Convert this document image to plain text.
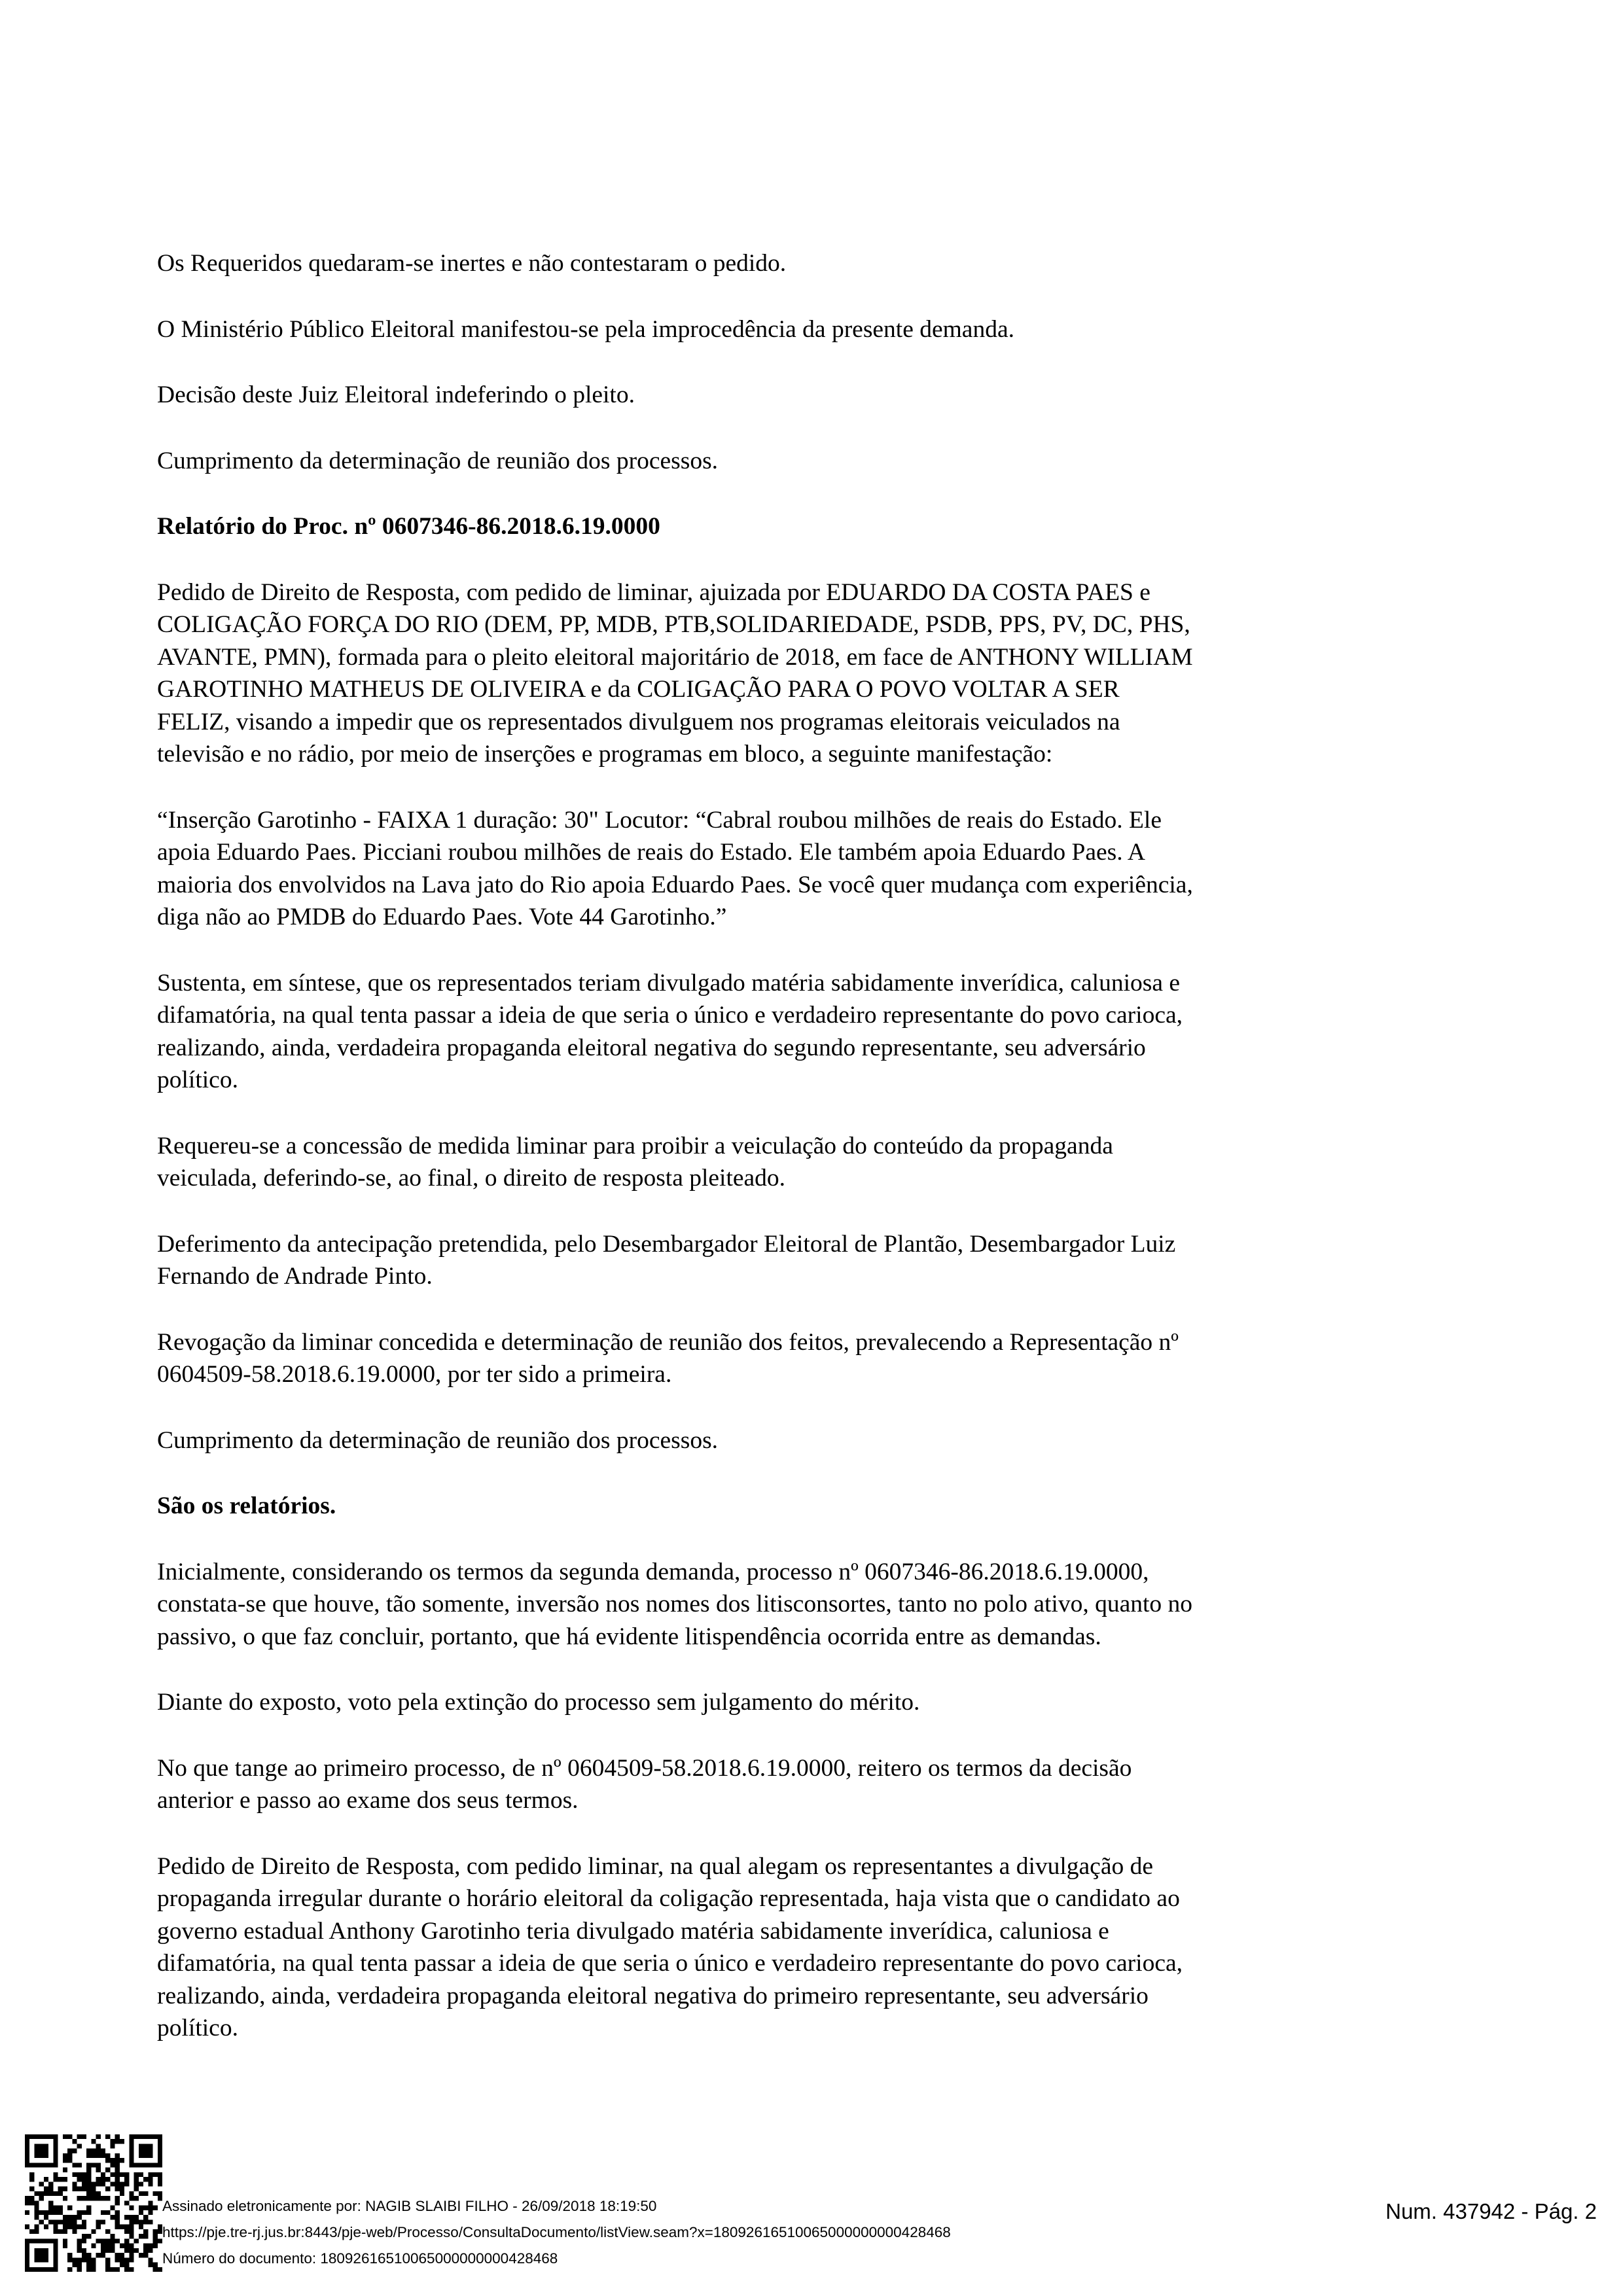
Os Requeridos quedaram-se inertes e não contestaram o pedido.

O Ministério Público Eleitoral manifestou-se pela improcedência da presente demanda.

Decisão deste Juiz Eleitoral indeferindo o pleito.

Cumprimento da determinação de reunião dos processos.

Relatório do Proc. nº 0607346-86.2018.6.19.0000

Pedido de Direito de Resposta, com pedido de liminar, ajuizada por EDUARDO DA COSTA PAES e
COLIGAÇÃO FORÇA DO RIO (DEM, PP, MDB, PTB,SOLIDARIEDADE, PSDB, PPS, PV, DC, PHS,
AVANTE, PMN), formada para o pleito eleitoral majoritário de 2018, em face de ANTHONY WILLIAM
GAROTINHO MATHEUS DE OLIVEIRA e da COLIGAÇÃO PARA O POVO VOLTAR A SER
FELIZ, visando a impedir que os representados divulguem nos programas eleitorais veiculados na
televisão e no rádio, por meio de inserções e programas em bloco, a seguinte manifestação:

“Inserção Garotinho - FAIXA 1 duração: 30" Locutor: “Cabral roubou milhões de reais do Estado. Ele
apoia Eduardo Paes. Picciani roubou milhões de reais do Estado. Ele também apoia Eduardo Paes. A
maioria dos envolvidos na Lava jato do Rio apoia Eduardo Paes. Se você quer mudança com experiência,
diga não ao PMDB do Eduardo Paes. Vote 44 Garotinho.”

Sustenta, em síntese, que os representados teriam divulgado matéria sabidamente inverídica, caluniosa e
difamatória, na qual tenta passar a ideia de que seria o único e verdadeiro representante do povo carioca,
realizando, ainda, verdadeira propaganda eleitoral negativa do segundo representante, seu adversário
político.

Requereu-se a concessão de medida liminar para proibir a veiculação do conteúdo da propaganda
veiculada, deferindo-se, ao final, o direito de resposta pleiteado.

Deferimento da antecipação pretendida, pelo Desembargador Eleitoral de Plantão, Desembargador Luiz
Fernando de Andrade Pinto.

Revogação da liminar concedida e determinação de reunião dos feitos, prevalecendo a Representação nº
0604509-58.2018.6.19.0000, por ter sido a primeira.

Cumprimento da determinação de reunião dos processos.

São os relatórios.

Inicialmente, considerando os termos da segunda demanda, processo nº 0607346-86.2018.6.19.0000,
constata-se que houve, tão somente, inversão nos nomes dos litisconsortes, tanto no polo ativo, quanto no
passivo, o que faz concluir, portanto, que há evidente litispendência ocorrida entre as demandas.

Diante do exposto, voto pela extinção do processo sem julgamento do mérito.

No que tange ao primeiro processo, de nº 0604509-58.2018.6.19.0000, reitero os termos da decisão
anterior e passo ao exame dos seus termos.

Pedido de Direito de Resposta, com pedido liminar, na qual alegam os representantes a divulgação de
propaganda irregular durante o horário eleitoral da coligação representada, haja vista que o candidato ao
governo estadual Anthony Garotinho teria divulgado matéria sabidamente inverídica, caluniosa e
difamatória, na qual tenta passar a ideia de que seria o único e verdadeiro representante do povo carioca,
realizando, ainda, verdadeira propaganda eleitoral negativa do primeiro representante, seu adversário
político.

Assinado eletronicamente por: NAGIB SLAIBI FILHO - 26/09/2018 18:19:50
https://pje.tre-rj.jus.br:8443/pje-web/Processo/ConsultaDocumento/listView.seam?x=18092616510065000000000428468
Número do documento: 18092616510065000000000428468
Num. 437942 - Pág. 2
